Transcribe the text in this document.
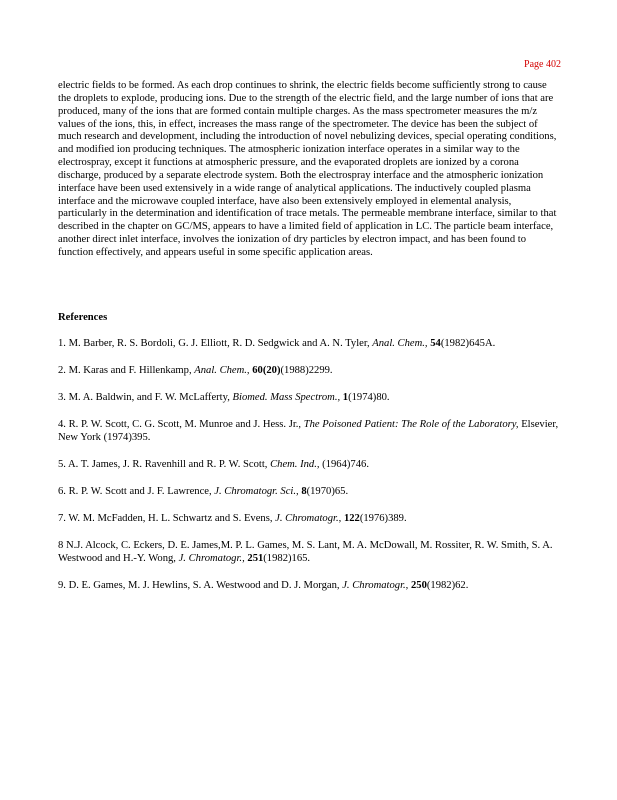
Page 402
electric fields to be formed. As each drop continues to shrink, the electric fields become sufficiently strong to cause the droplets to explode, producing ions. Due to the strength of the electric field, and the large number of ions that are produced, many of the ions that are formed contain multiple charges. As the mass spectrometer measures the m/z values of the ions, this, in effect, increases the mass range of the spectrometer. The device has been the subject of much research and development, including the introduction of novel nebulizing devices, special operating conditions, and modified ion producing techniques. The atmospheric ionization interface operates in a similar way to the electrospray, except it functions at atmospheric pressure, and the evaporated droplets are ionized by a corona discharge, produced by a separate electrode system. Both the electrospray interface and the atmospheric ionization interface have been used extensively in a wide range of analytical applications. The inductively coupled plasma interface and the microwave coupled interface, have also been extensively employed in elemental analysis, particularly in the determination and identification of trace metals. The permeable membrane interface, similar to that described in the chapter on GC/MS, appears to have a limited field of application in LC. The particle beam interface, another direct inlet interface, involves the ionization of dry particles by electron impact, and has been found to function effectively, and appears useful in some specific application areas.
References

1. M. Barber, R. S. Bordoli, G. J. Elliott, R. D. Sedgwick and A. N. Tyler, Anal. Chem., 54(1982)645A.

2. M. Karas and F. Hillenkamp, Anal. Chem., 60(20)(1988)2299.

3. M. A. Baldwin, and F. W. McLafferty, Biomed. Mass Spectrom., 1(1974)80.

4. R. P. W. Scott, C. G. Scott, M. Munroe and J. Hess. Jr., The Poisoned Patient: The Role of the Laboratory, Elsevier, New York (1974)395.

5. A. T. James, J. R. Ravenhill and R. P. W. Scott, Chem. Ind., (1964)746.

6. R. P. W. Scott and J. F. Lawrence, J. Chromatogr. Sci., 8(1970)65.

7. W. M. McFadden, H. L. Schwartz and S. Evens, J. Chromatogr., 122(1976)389.

8 N.J. Alcock, C. Eckers, D. E. James,M. P. L. Games, M. S. Lant, M. A. McDowall, M. Rossiter, R. W. Smith, S. A. Westwood and H.-Y. Wong, J. Chromatogr., 251(1982)165.

9. D. E. Games, M. J. Hewlins, S. A. Westwood and D. J. Morgan, J. Chromatogr., 250(1982)62.
